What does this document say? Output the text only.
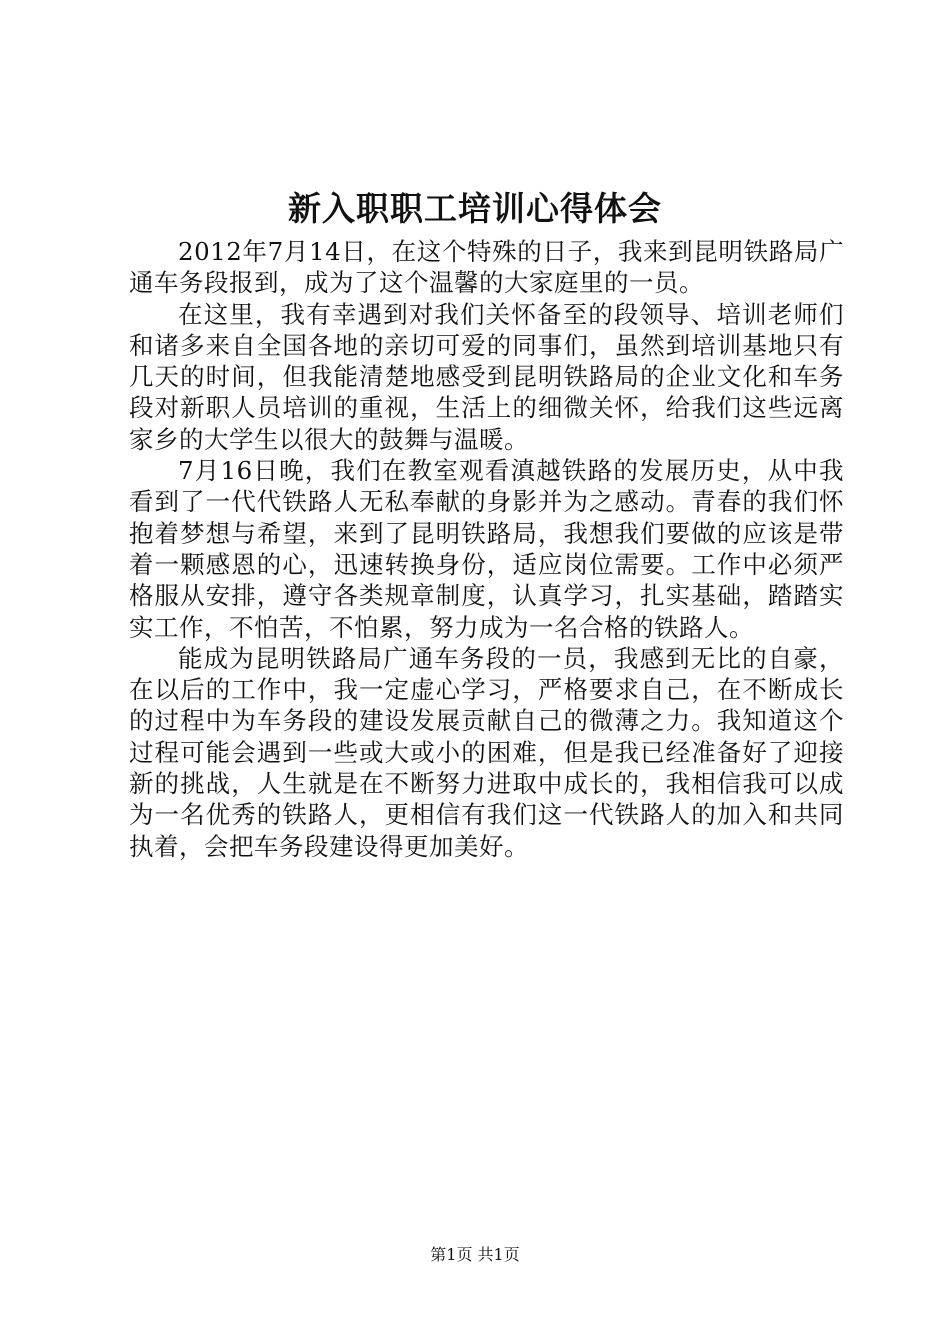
新入职职工培训心得体会

2012年7月14日，在这个特殊的日子，我来到昆明铁路局广通车务段报到，成为了这个温馨的大家庭里的一员。

在这里，我有幸遇到对我们关怀备至的段领导、培训老师们和诸多来自全国各地的亲切可爱的同事们，虽然到培训基地只有几天的时间，但我能清楚地感受到昆明铁路局的企业文化和车务段对新职人员培训的重视，生活上的细微关怀，给我们这些远离家乡的大学生以很大的鼓舞与温暖。

7月16日晚，我们在教室观看滇越铁路的发展历史，从中我看到了一代代铁路人无私奉献的身影并为之感动。青春的我们怀抱着梦想与希望，来到了昆明铁路局，我想我们要做的应该是带着一颗感恩的心，迅速转换身份，适应岗位需要。工作中必须严格服从安排，遵守各类规章制度，认真学习，扎实基础，踏踏实实工作，不怕苦，不怕累，努力成为一名合格的铁路人。

能成为昆明铁路局广通车务段的一员，我感到无比的自豪，在以后的工作中，我一定虚心学习，严格要求自己，在不断成长的过程中为车务段的建设发展贡献自己的微薄之力。我知道这个过程可能会遇到一些或大或小的困难，但是我已经准备好了迎接新的挑战，人生就是在不断努力进取中成长的，我相信我可以成为一名优秀的铁路人，更相信有我们这一代铁路人的加入和共同执着，会把车务段建设得更加美好。

第1页 共1页
